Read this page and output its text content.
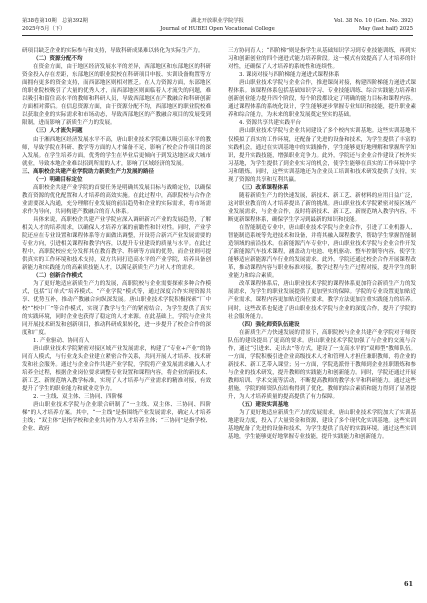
第38卷第10期　总第392期
2025年5月（下）
湖北开放职业学院学报
Journal of HUBEI Open Vocational College
Vol. 38 No. 10 (Gen. No. 392)
May (last half) 2025

研项目缺乏企业的实际参与和支持，导致科研成果难以转化为实际生产力。

（二）资源分配不均

在资金方面，由于地区经济发展水平的差异，西部地区和东部地区的科研资金投入存在差距，东部地区的职业院校在科研项目申报、实训设备购置等方面拥有更多的资金支持，而西部地区则相对匮乏。在人力资源方面，东部地区的职业院校吸引了大量的优秀人才，而西部地区则面临着人才流失的问题，难以吸引和留住高水平的教师和科研人员，导致西部地区在产教融合和科研创新方面相对滞后。在信息资源方面，由于资源分配不均，西部地区的职业院校难以获取企业的实际需求和市场动态，导致西部地区的产教融合项目的发展受到限制，进而影响了新质生产力的发展。

（三）人才流失问题

由于湘西地区经济发展水平不高，唐山职业技术学院难以吸引高水平的教师，导致学院在科研、教学等方面的人才储备不足，影响了校企合作项目的深入发展。在学生培养方面，优秀的学生在毕业后更倾向于到发达地区或大城市就业，导致本地企业难以招到所需的人才，影响了区域经济的发展。

三、高职校企共建产业学院助力新质生产力发展的路径

（一）明确目标定位

高职校企共建产业学院的首要任务是明确其发展目标与战略定位，以确保教育资源的优化配置和人才培养的高效实施。在此过程中，高职院校与合作企业需要深入沟通，充分理解行业发展的前沿趋势和企业的实际需求，将市场需求作为导向，共同构建产教融合的育人体系。

具体来说，高职校企共建产业学院应深入调研新兴产业的发展趋势，了解相关人才的培养需求，以确保人才培养方案的前瞻性和针对性。同时，产业学院还应在专业设置和课程体系等方面做出调整，开设符合新兴产业发展需要的专业方向，引进相关课程和教学内容，以提升专业建设的质量与水平。在此过程中，高职院校应充分发挥其在教育教学、科研等方面的优势，而企业则可提供真实的工作环境和技术支持，双方共同打造高水平的产业学院，培养具备创新能力和实践能力的高素质技能人才，以满足新质生产力对人才的需求。

（二）创新合作模式

为了更好地适应新质生产力的发展，高职院校与企业需要探索多种合作模式，包括“订单式”培养模式、“产业学院”模式等，通过深度合作实现资源共享、优势互补，推动产教融合向纵深发展。唐山职业技术学院积极探索“厂中校”“校中厂”等合作模式，实现了教学与生产的紧密结合，为学生提供了真实的实践环境，同时企业也获得了稳定的人才来源。在此基础上，学院与企业共同开展技术研发和创新项目，推动科研成果转化，进一步提升了校企合作的深度和广度。

1. 产业驱动、协同育人

唐山职业技术学院紧密对接区域产业发展需求，构建了“专业+产业”的协同育人模式，与行业龙头企业建立紧密合作关系，共同开展人才培养、技术研发和社会服务。通过与企业合作共建产业学院，学院将产业发展需求融入人才培养全过程，根据企业岗位要求调整专业设置和课程内容，将企业的新技术、新工艺、新规范纳入教学标准，实现了人才培养与产业需求的精准对接，有效提升了学生的职业能力和就业竞争力。

2. 一主线、双主体、三协同、四阶梯

唐山职业技术学院与企业联合研制了“一主线、双主体、三协同、四阶梯”的人才培养方案。其中，“一主线”是指围绕产业发展需求，确定人才培养主线；“双主体”是指学校和企业共同作为人才培养主体；“三协同”是指学校、企业、政府

三方协同育人；“四阶梯”则是指学生从基础知识学习到专业技能训练，再到实习和创新创业的四个递进式能力培养阶段。这一模式有效提高了人才培养的针对性，还确保了人才培养的系统性和连续性。

3. 课岗对接与四阶梯能力递进式课程体系

唐山职业技术学院与企业合作，推进课岗对接，构建四阶梯能力递进式课程体系。该课程体系包括基础知识学习、专业技能训练、综合实践能力培养和创新创业能力提升四个阶段，每个阶段都设定了明确的能力目标和课程内容。通过课程体系的系统化设计，学生能够逐步掌握专业知识和技能，提升职业素养和综合能力，为未来的职业发展奠定坚实的基础。

4. 资源共享共建实践平台

唐山职业技术学院与企业共同建设了多个校内实训基地。这些实训基地不仅模拟了真实的工作环境，还配备了先进的设备和技术，为学生提供了丰富的实践机会，通过在实训基地中的实践操作，学生能够更好地理解和掌握所学知识，提升实践技能，增强职业竞争力。此外，学院还与企业合作建设了校外实习基地，为学生提供了到企业实习的机会，使学生能够在真实的工作环境中学习和锻炼。同时，这些实训基地还为企业员工培训和技术研发提供了支持，实现了资源的共享和互利共赢。

（三）改革课程体系

随着新质生产力的快速发展，新技术、新工艺、新材料的应用日益广泛，这对职业教育的人才培养提出了新的挑战。唐山职业技术学院紧密对接区域产业发展需求，与企业合作，及时将新技术、新工艺、新规范纳入教学内容，不断更新课程体系，确保学生学习到最新的知识和技能。

在智能制造专业中，唐山职业技术学院与企业合作，引进了工业机器人、智能制造系统等先进技术和设备，并将其融入课程教学，帮助学生掌握智能制造领域的前沿技术。在新能源汽车专业中，唐山职业技术学院与企业合作开发了新能源汽车技术课程，涵盖动力电池、电机驱动、整车控制等内容，使学生能够适应新能源汽车行业的发展需求。此外，学院还通过校企合作开展课程改革，推动课程内容与职业标准对接，教学过程与生产过程对接，提升学生的职业能力和综合素质。

改革课程体系后，唐山职业技术学院的课程体系更加符合新质生产力的发展需求，为学生的职业发展提供了更加坚实的保障。学院的专业设置更加贴近产业需求，课程内容更加贴近岗位要求，教学方法更加注重实践能力的培养。同时，这些改革也促进了唐山职业技术学院与企业的深度合作，提升了学院的社会服务能力。

（四）强化师资队伍建设

在新质生产力快速发展的背景下，高职院校与企业共建产业学院对于师资队伍的建设提出了更高的要求。唐山职业技术学院加强了与企业的交流与合作，通过“引进来、走出去”等方式，建设了一支高水平的“双师型”教师队伍。一方面，学院积极引进企业高级技术人才和管理人才担任兼职教师，将企业的新技术、新工艺带入课堂；另一方面，学院选派骨干教师到企业挂职锻炼和参与企业的技术研发，提升教师的实践能力和创新能力。同时，学院还通过开展教师培训、学术交流等活动，不断提高教师的教学水平和科研能力。通过这些措施，学院的师资队伍结构得到了优化，教师的综合素质和能力得到了显著提升，为人才培养质量的提高提供了有力保障。

（五）建设实训基地

为了更好地适应新质生产力的发展需求，唐山职业技术学院加大了实训基地建设力度，投入了大量资金和资源，建设了多个现代化实训基地。这些实训基地配备了先进的设备和技术，为学生提供了良好的实践环境。通过这些实训基地，学生能够更好地掌握专业技能，提升实践能力和创新能力。

61
